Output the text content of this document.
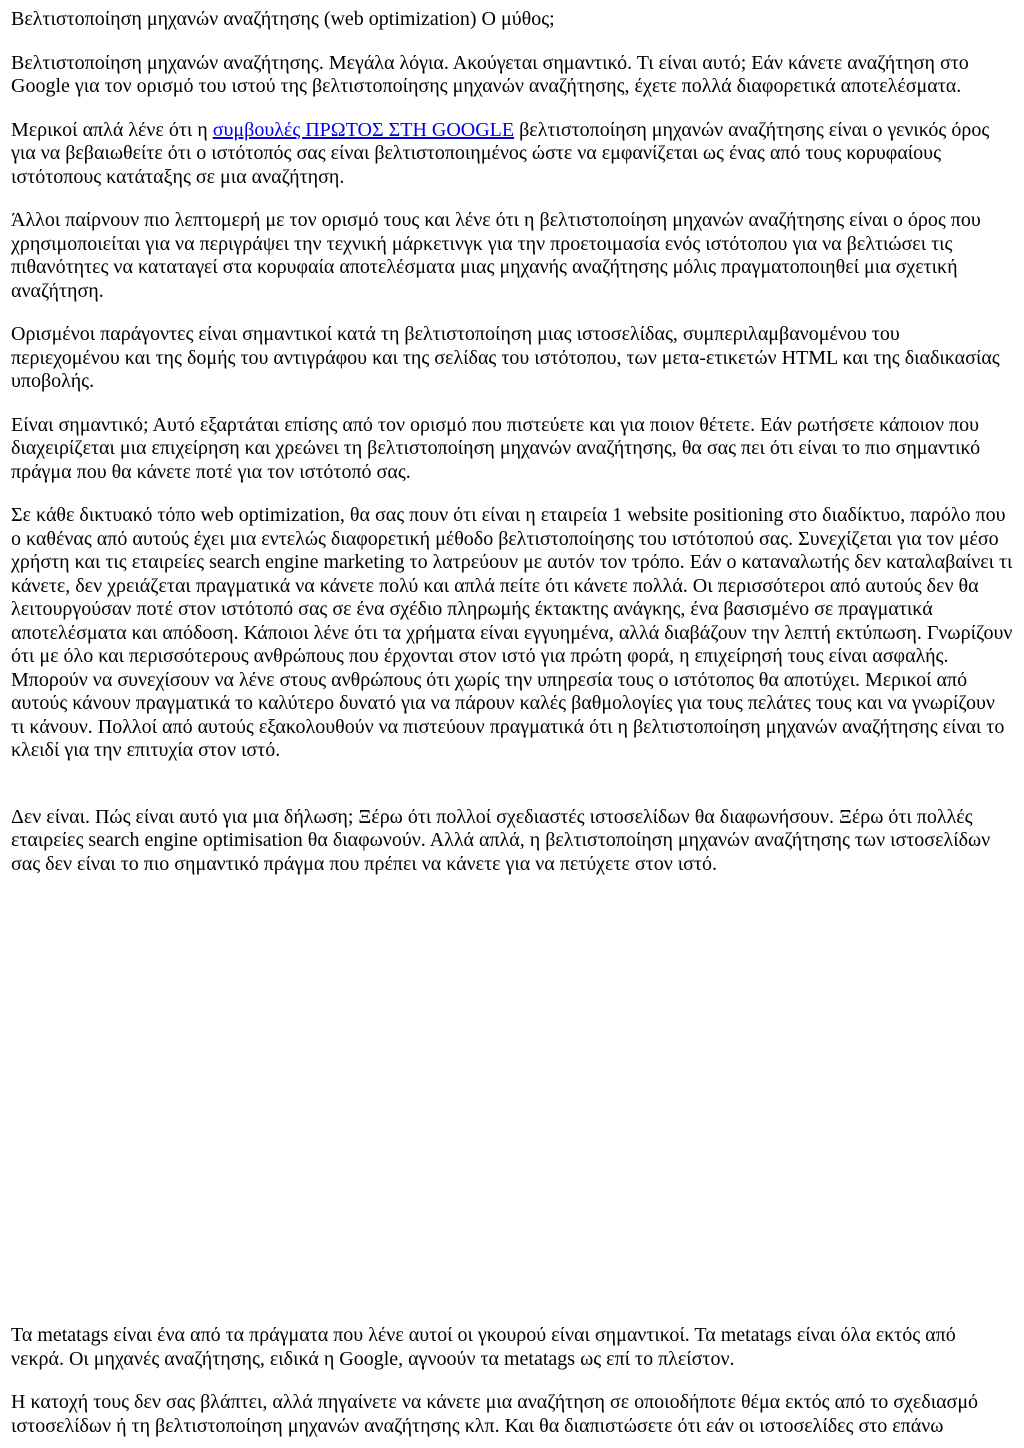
Βελτιστοποίηση μηχανών αναζήτησης (web optimization) Ο μύθος;

Βελτιστοποίηση μηχανών αναζήτησης. Μεγάλα λόγια. Ακούγεται σημαντικό. Τι είναι αυτό; Εάν κάνετε αναζήτηση στο Google για τον ορισμό του ιστού της βελτιστοποίησης μηχανών αναζήτησης, έχετε πολλά διαφορετικά αποτελέσματα.

Μερικοί απλά λένε ότι η συμβουλές ΠΡΩΤΟΣ ΣΤΗ GOOGLE βελτιστοποίηση μηχανών αναζήτησης είναι ο γενικός όρος για να βεβαιωθείτε ότι ο ιστότοπός σας είναι βελτιστοποιημένος ώστε να εμφανίζεται ως ένας από τους κορυφαίους ιστότοπους κατάταξης σε μια αναζήτηση.

Άλλοι παίρνουν πιο λεπτομερή με τον ορισμό τους και λένε ότι η βελτιστοποίηση μηχανών αναζήτησης είναι ο όρος που χρησιμοποιείται για να περιγράψει την τεχνική μάρκετινγκ για την προετοιμασία ενός ιστότοπου για να βελτιώσει τις πιθανότητες να καταταγεί στα κορυφαία αποτελέσματα μιας μηχανής αναζήτησης μόλις πραγματοποιηθεί μια σχετική αναζήτηση.

Ορισμένοι παράγοντες είναι σημαντικοί κατά τη βελτιστοποίηση μιας ιστοσελίδας, συμπεριλαμβανομένου του περιεχομένου και της δομής του αντιγράφου και της σελίδας του ιστότοπου, των μετα-ετικετών HTML και της διαδικασίας υποβολής.

Είναι σημαντικό; Αυτό εξαρτάται επίσης από τον ορισμό που πιστεύετε και για ποιον θέτετε. Εάν ρωτήσετε κάποιον που διαχειρίζεται μια επιχείρηση και χρεώνει τη βελτιστοποίηση μηχανών αναζήτησης, θα σας πει ότι είναι το πιο σημαντικό πράγμα που θα κάνετε ποτέ για τον ιστότοπό σας.

Σε κάθε δικτυακό τόπο web optimization, θα σας πουν ότι είναι η εταιρεία 1 website positioning στο διαδίκτυο, παρόλο που ο καθένας από αυτούς έχει μια εντελώς διαφορετική μέθοδο βελτιστοποίησης του ιστότοπού σας. Συνεχίζεται για τον μέσο χρήστη και τις εταιρείες search engine marketing το λατρεύουν με αυτόν τον τρόπο. Εάν ο καταναλωτής δεν καταλαβαίνει τι κάνετε, δεν χρειάζεται πραγματικά να κάνετε πολύ και απλά πείτε ότι κάνετε πολλά. Οι περισσότεροι από αυτούς δεν θα λειτουργούσαν ποτέ στον ιστότοπό σας σε ένα σχέδιο πληρωμής έκτακτης ανάγκης, ένα βασισμένο σε πραγματικά αποτελέσματα και απόδοση. Κάποιοι λένε ότι τα χρήματα είναι εγγυημένα, αλλά διαβάζουν την λεπτή εκτύπωση. Γνωρίζουν ότι με όλο και περισσότερους ανθρώπους που έρχονται στον ιστό για πρώτη φορά, η επιχείρησή τους είναι ασφαλής. Μπορούν να συνεχίσουν να λένε στους ανθρώπους ότι χωρίς την υπηρεσία τους ο ιστότοπος θα αποτύχει. Μερικοί από αυτούς κάνουν πραγματικά το καλύτερο δυνατό για να πάρουν καλές βαθμολογίες για τους πελάτες τους και να γνωρίζουν τι κάνουν. Πολλοί από αυτούς εξακολουθούν να πιστεύουν πραγματικά ότι η βελτιστοποίηση μηχανών αναζήτησης είναι το κλειδί για την επιτυχία στον ιστό.

Δεν είναι. Πώς είναι αυτό για μια δήλωση; Ξέρω ότι πολλοί σχεδιαστές ιστοσελίδων θα διαφωνήσουν. Ξέρω ότι πολλές εταιρείες search engine optimisation θα διαφωνούν. Αλλά απλά, η βελτιστοποίηση μηχανών αναζήτησης των ιστοσελίδων σας δεν είναι το πιο σημαντικό πράγμα που πρέπει να κάνετε για να πετύχετε στον ιστό.

Τα metatags είναι ένα από τα πράγματα που λένε αυτοί οι γκουρού είναι σημαντικοί. Τα metatags είναι όλα εκτός από νεκρά. Οι μηχανές αναζήτησης, ειδικά η Google, αγνοούν τα metatags ως επί το πλείστον.

Η κατοχή τους δεν σας βλάπτει, αλλά πηγαίνετε να κάνετε μια αναζήτηση σε οποιοδήποτε θέμα εκτός από το σχεδιασμό ιστοσελίδων ή τη βελτιστοποίηση μηχανών αναζήτησης κλπ. Και θα διαπιστώσετε ότι εάν οι ιστοσελίδες στο επάνω
